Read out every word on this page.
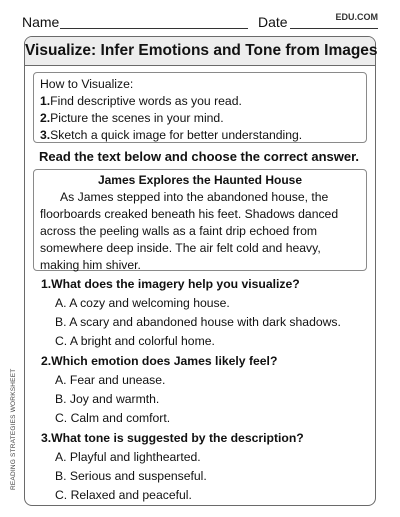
Name	Date	EDU.COM
Visualize: Infer Emotions and Tone from Images
How to Visualize:
1.Find descriptive words as you read.
2.Picture the scenes in your mind.
3.Sketch a quick image for better understanding.
Read the text below and choose the correct answer.
James Explores the Haunted House
As James stepped into the abandoned house, the floorboards creaked beneath his feet. Shadows danced across the peeling walls as a faint drip echoed from somewhere deep inside. The air felt cold and heavy, making him shiver.
1.What does the imagery help you visualize?
A. A cozy and welcoming house.
B. A scary and abandoned house with dark shadows.
C. A bright and colorful home.
2.Which emotion does James likely feel?
A. Fear and unease.
B. Joy and warmth.
C. Calm and comfort.
3.What tone is suggested by the description?
A. Playful and lighthearted.
B. Serious and suspenseful.
C. Relaxed and peaceful.
READING STRATEGIES WORKSHEET
